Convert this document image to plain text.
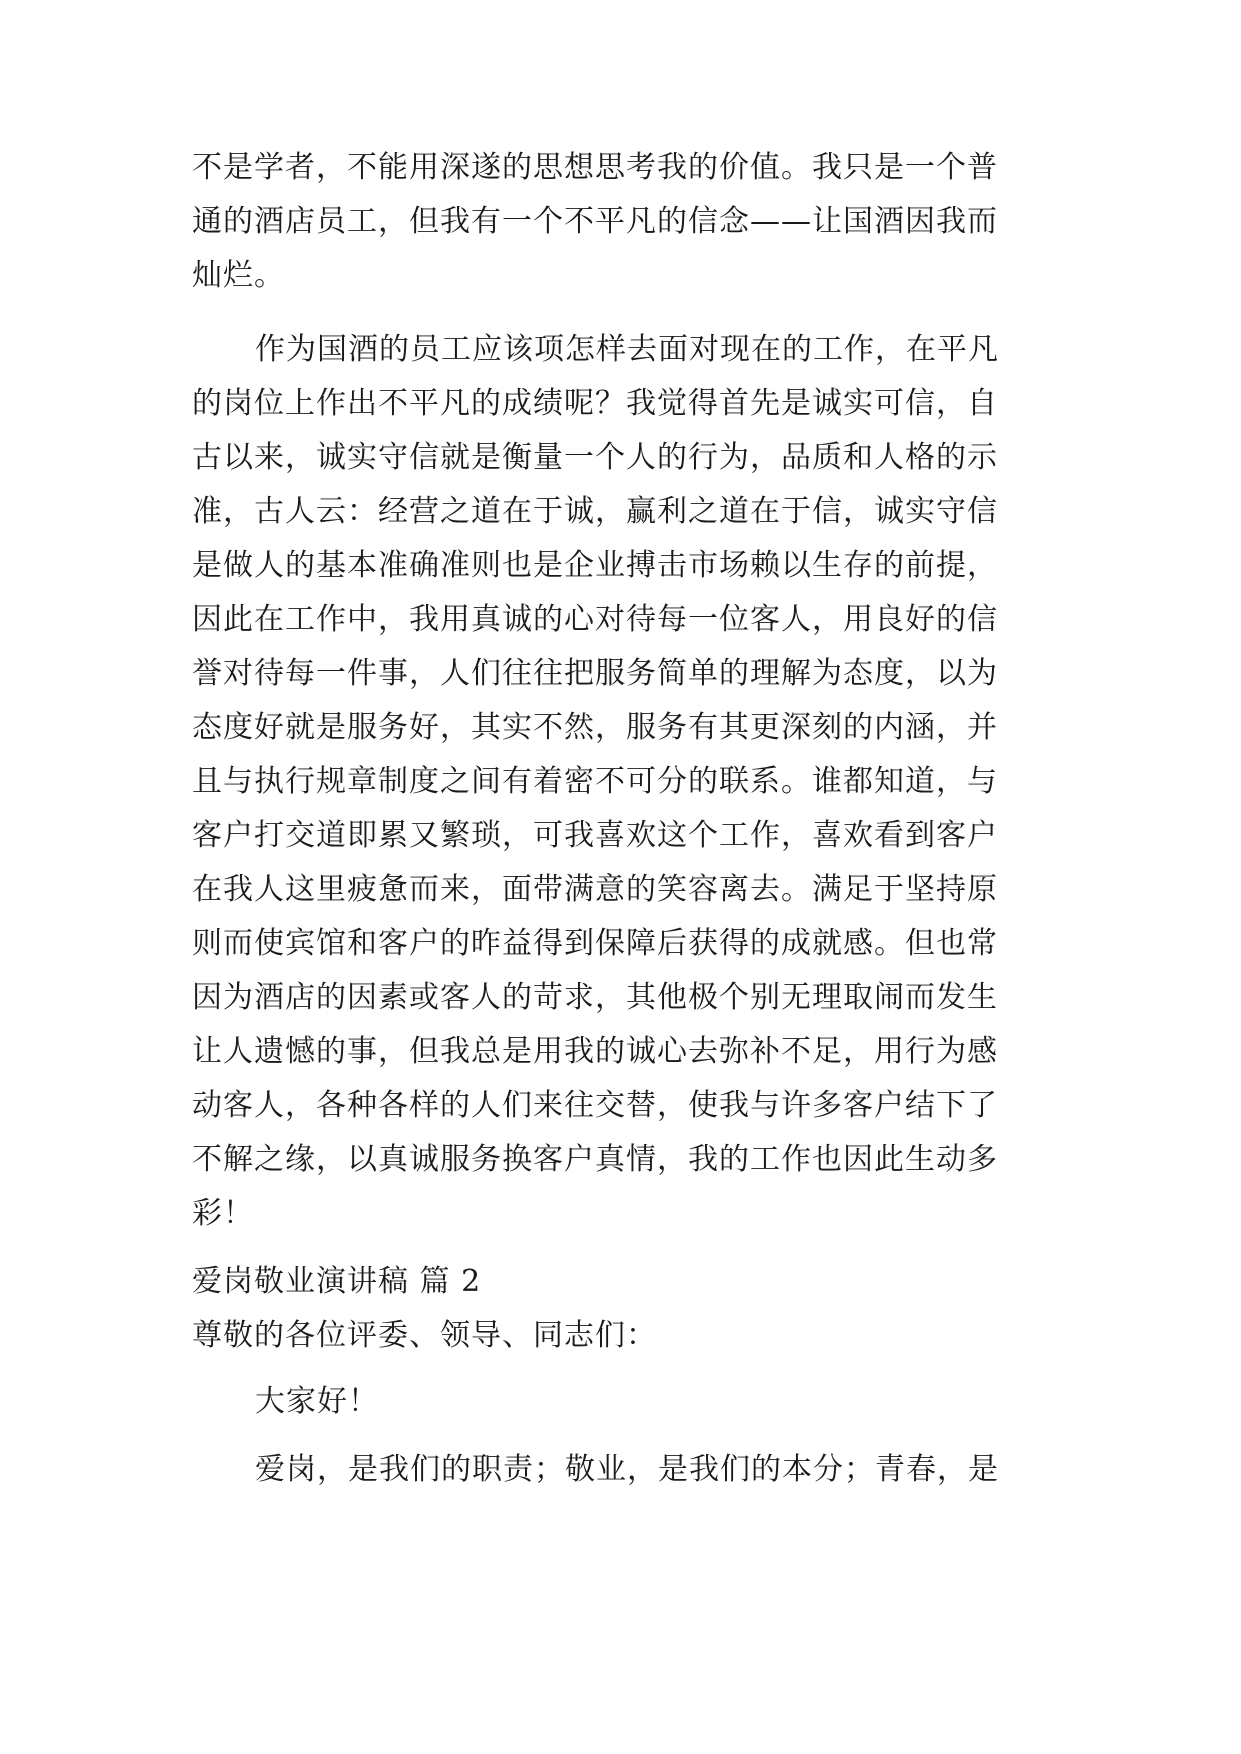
不是学者，不能用深遂的思想思考我的价值。我只是一个普
通的酒店员工，但我有一个不平凡的信念——让国酒因我而
灿烂。
作为国酒的员工应该项怎样去面对现在的工作，在平凡
的岗位上作出不平凡的成绩呢？我觉得首先是诚实可信，自
古以来，诚实守信就是衡量一个人的行为，品质和人格的示
准，古人云：经营之道在于诚，赢利之道在于信，诚实守信
是做人的基本准确准则也是企业搏击市场赖以生存的前提，
因此在工作中，我用真诚的心对待每一位客人，用良好的信
誉对待每一件事，人们往往把服务简单的理解为态度，以为
态度好就是服务好，其实不然，服务有其更深刻的内涵，并
且与执行规章制度之间有着密不可分的联系。谁都知道，与
客户打交道即累又繁琐，可我喜欢这个工作，喜欢看到客户
在我人这里疲惫而来，面带满意的笑容离去。满足于坚持原
则而使宾馆和客户的昨益得到保障后获得的成就感。但也常
因为酒店的因素或客人的苛求，其他极个别无理取闹而发生
让人遗憾的事，但我总是用我的诚心去弥补不足，用行为感
动客人，各种各样的人们来往交替，使我与许多客户结下了
不解之缘，以真诚服务换客户真情，我的工作也因此生动多
彩！
爱岗敬业演讲稿 篇 2
尊敬的各位评委、领导、同志们：
大家好！
爱岗，是我们的职责；敬业，是我们的本分；青春，是
